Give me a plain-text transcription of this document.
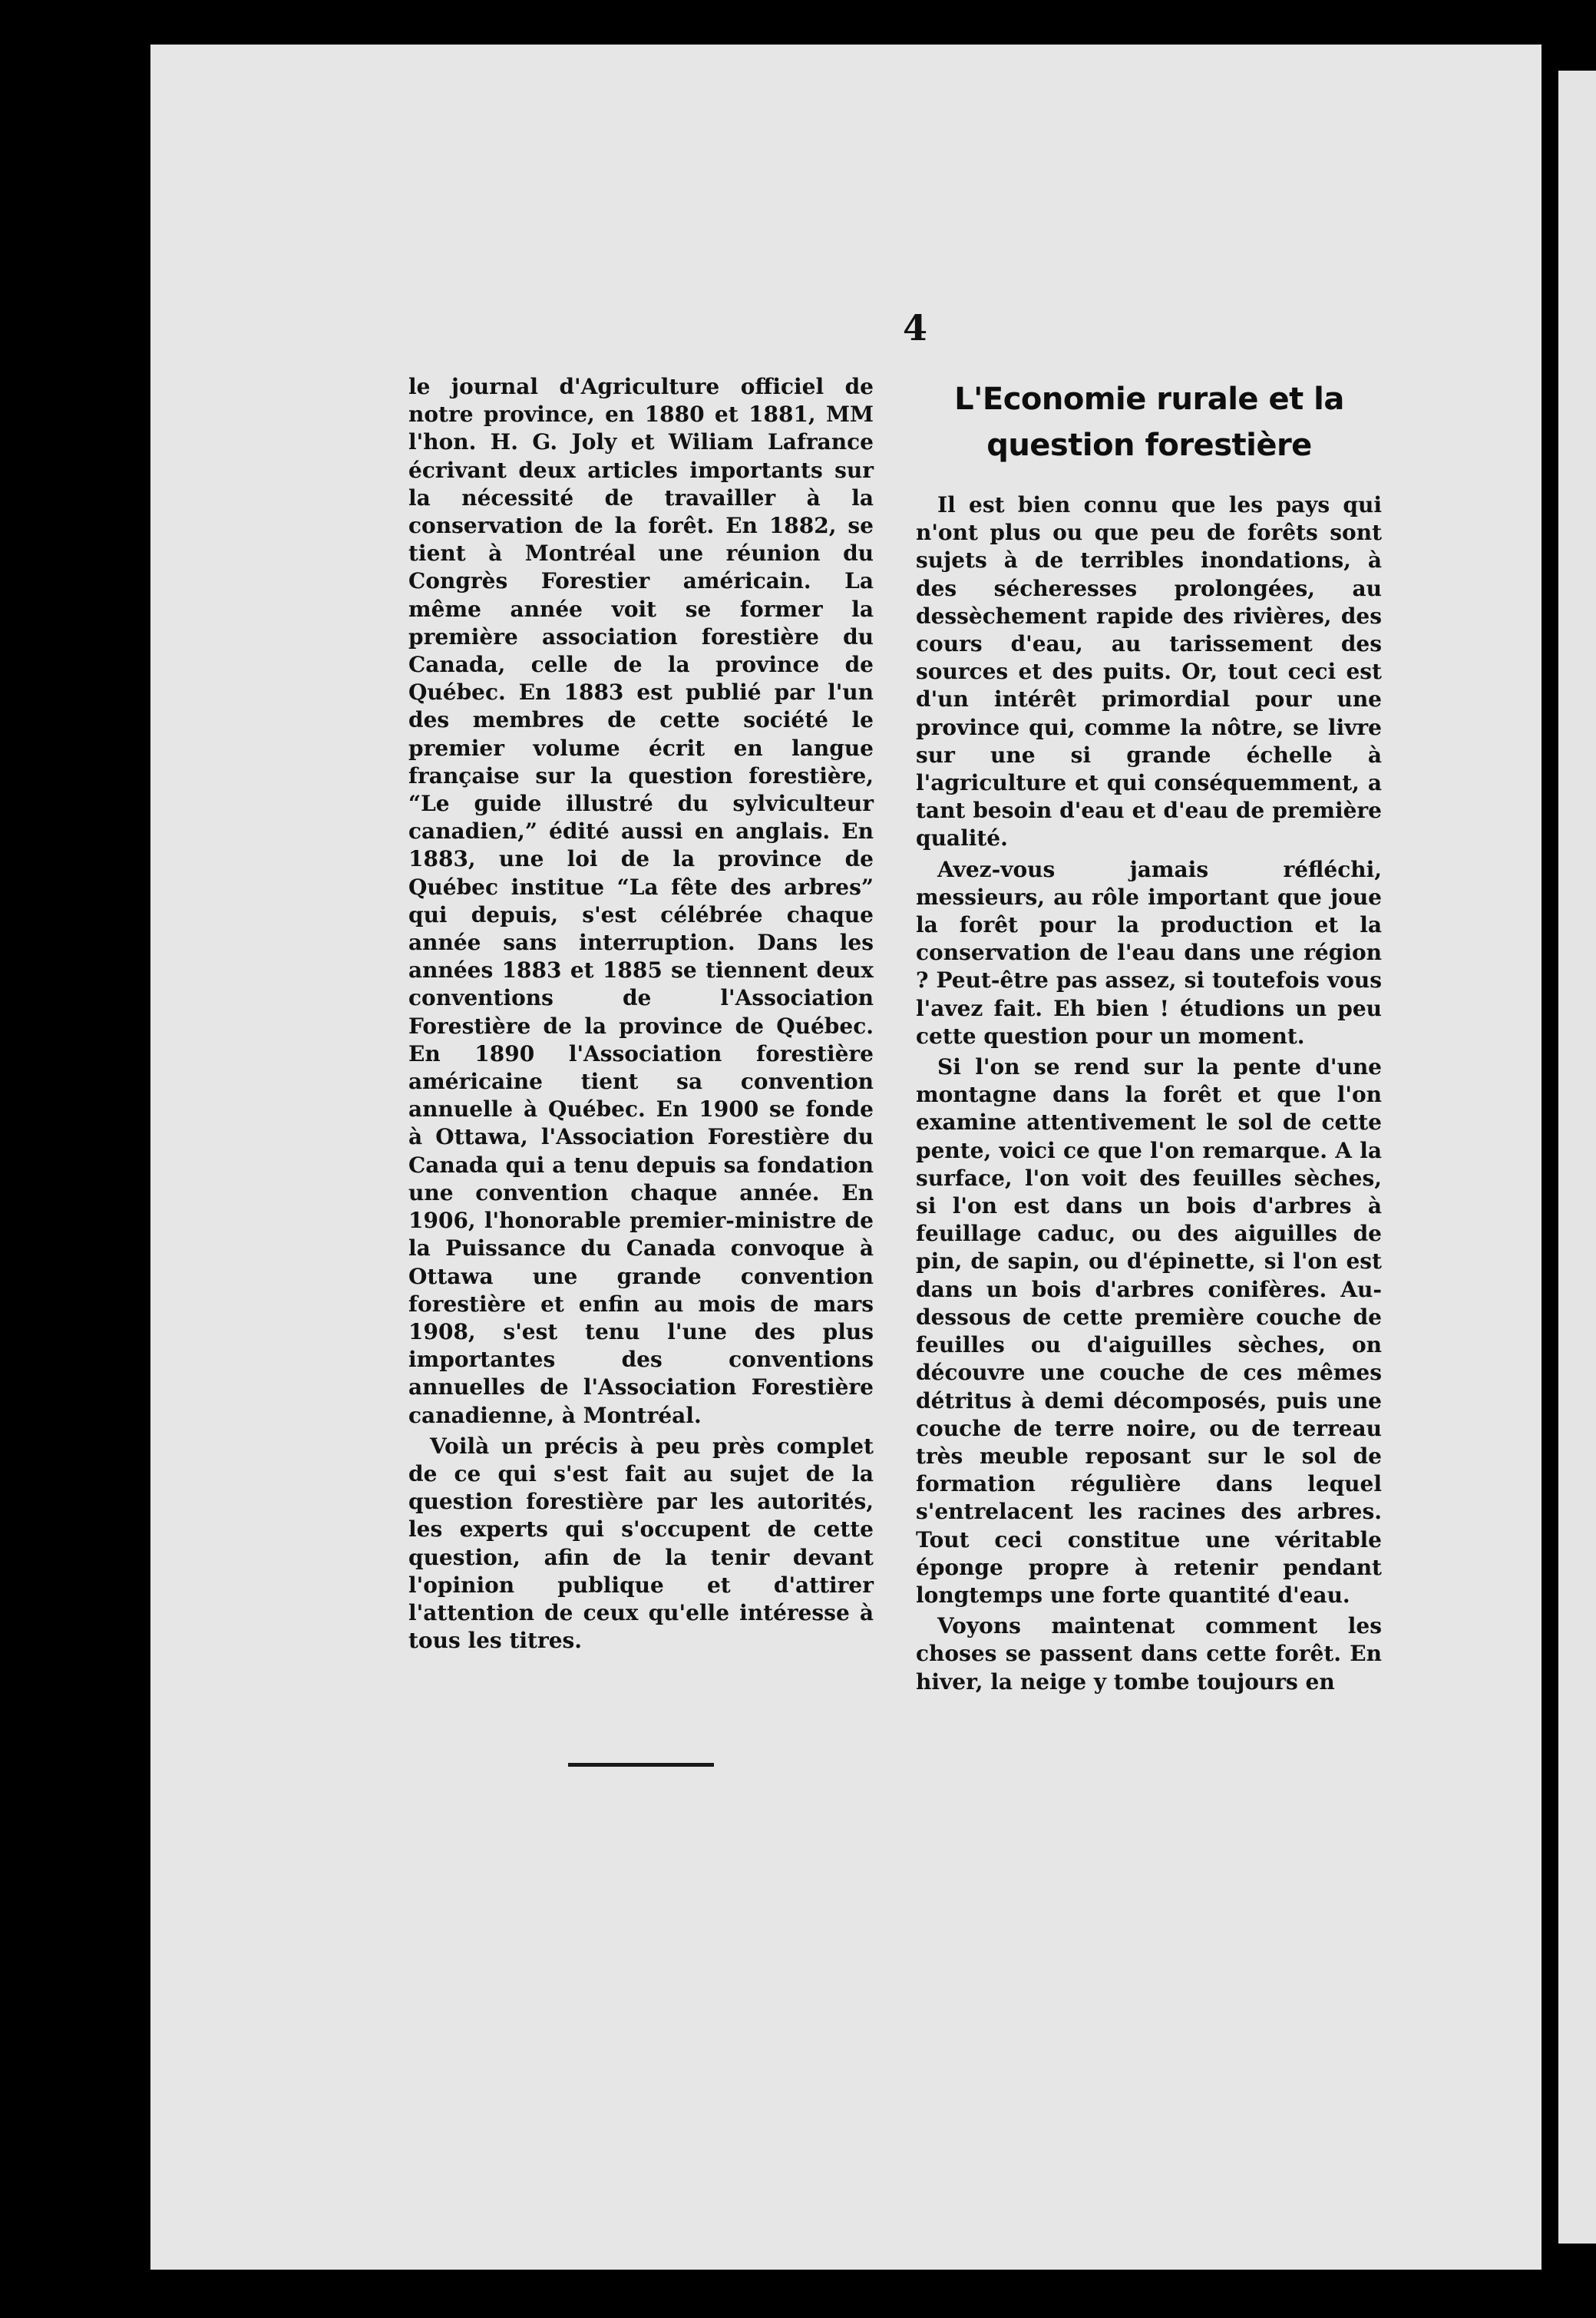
4

le journal d'Agriculture officiel de notre province, en 1880 et 1881, MM l'hon. H. G. Joly et Wiliam Lafrance écrivant deux articles importants sur la nécessité de travailler à la conservation de la forêt. En 1882, se tient à Montréal une réunion du Congrès Forestier américain. La même année voit se former la première association forestière du Canada, celle de la province de Québec. En 1883 est publié par l'un des membres de cette société le premier volume écrit en langue française sur la question forestière, “Le guide illustré du sylviculteur canadien,” édité aussi en anglais. En 1883, une loi de la province de Québec institue “La fête des arbres” qui depuis, s'est célébrée chaque année sans interruption. Dans les années 1883 et 1885 se tiennent deux conventions de l'Association Forestière de la province de Québec. En 1890 l'Association forestière américaine tient sa convention annuelle à Québec. En 1900 se fonde à Ottawa, l'Association Forestière du Canada qui a tenu depuis sa fondation une convention chaque année. En 1906, l'honorable premier-ministre de la Puissance du Canada convoque à Ottawa une grande convention forestière et enfin au mois de mars 1908, s'est tenu l'une des plus importantes des conventions annuelles de l'Association Forestière canadienne, à Montréal.

Voilà un précis à peu près complet de ce qui s'est fait au sujet de la question forestière par les autorités, les experts qui s'occupent de cette question, afin de la tenir devant l'opinion publique et d'attirer l'attention de ceux qu'elle intéresse à tous les titres.

L'Economie rurale et la question forestière

Il est bien connu que les pays qui n'ont plus ou que peu de forêts sont sujets à de terribles inondations, à des sécheresses prolongées, au dessèchement rapide des rivières, des cours d'eau, au tarissement des sources et des puits. Or, tout ceci est d'un intérêt primordial pour une province qui, comme la nôtre, se livre sur une si grande échelle à l'agriculture et qui conséquemment, a tant besoin d'eau et d'eau de première qualité.

Avez-vous jamais réfléchi, messieurs, au rôle important que joue la forêt pour la production et la conservation de l'eau dans une région ? Peut-être pas assez, si toutefois vous l'avez fait. Eh bien ! étudions un peu cette question pour un moment.

Si l'on se rend sur la pente d'une montagne dans la forêt et que l'on examine attentivement le sol de cette pente, voici ce que l'on remarque. A la surface, l'on voit des feuilles sèches, si l'on est dans un bois d'arbres à feuillage caduc, ou des aiguilles de pin, de sapin, ou d'épinette, si l'on est dans un bois d'arbres conifères. Au-dessous de cette première couche de feuilles ou d'aiguilles sèches, on découvre une couche de ces mêmes détritus à demi décomposés, puis une couche de terre noire, ou de terreau très meuble reposant sur le sol de formation régulière dans lequel s'entrelacent les racines des arbres. Tout ceci constitue une véritable éponge propre à retenir pendant longtemps une forte quantité d'eau.

Voyons maintenat comment les choses se passent dans cette forêt. En hiver, la neige y tombe toujours en
